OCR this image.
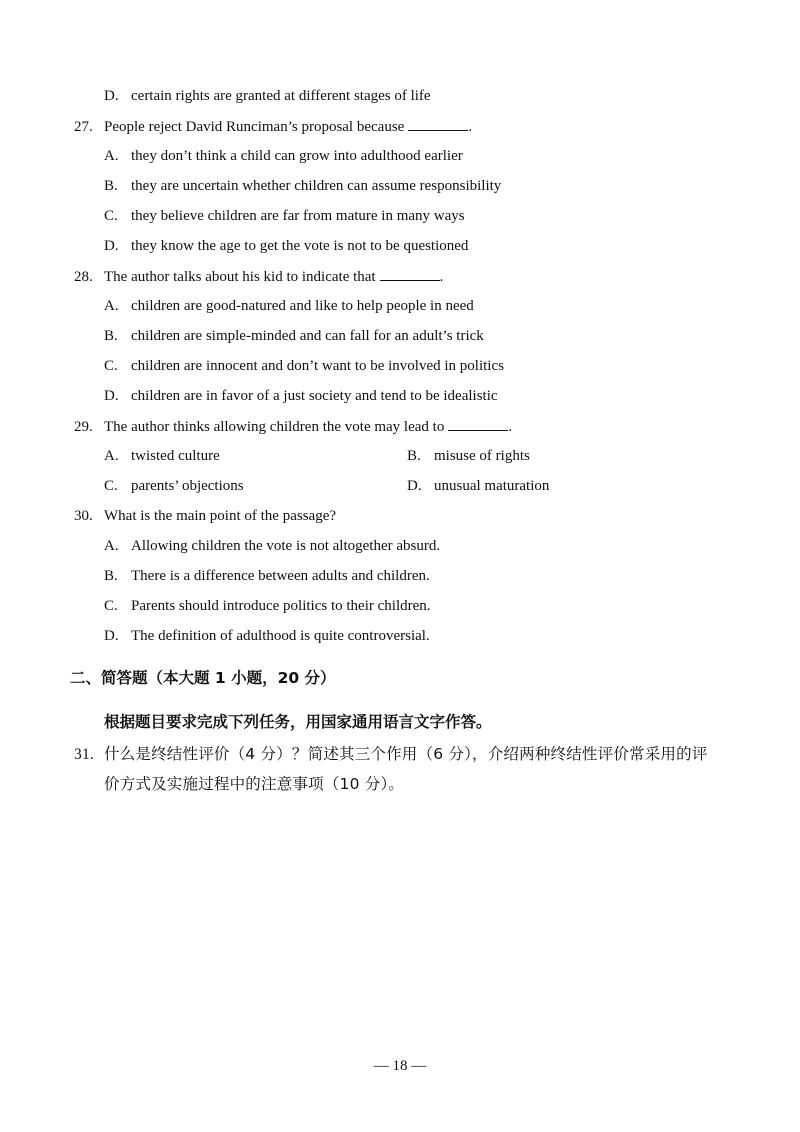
D. certain rights are granted at different stages of life
27. People reject David Runciman’s proposal because	.
A. they don’t think a child can grow into adulthood earlier
B. they are uncertain whether children can assume responsibility
C. they believe children are far from mature in many ways
D. they know the age to get the vote is not to be questioned
28. The author talks about his kid to indicate that	.
A. children are good-natured and like to help people in need
B. children are simple-minded and can fall for an adult’s trick
C. children are innocent and don’t want to be involved in politics
D. children are in favor of a just society and tend to be idealistic
29. The author thinks allowing children the vote may lead to	.
A. twisted culture	B. misuse of rights
C. parents’ objections	D. unusual maturation
30. What is the main point of the passage?
A. Allowing children the vote is not altogether absurd.
B. There is a difference between adults and children.
C. Parents should introduce politics to their children.
D. The definition of adulthood is quite controversial.
二、简答题（本大题 1 小题，20 分）
根据题目要求完成下列任务，用国家通用语言文字作答。
31. 什么是终结性评价（4 分）？简述其三个作用（6 分），介绍两种终结性评价常采用的评
价方式及实施过程中的注意事项（10 分）。
— 18 —
